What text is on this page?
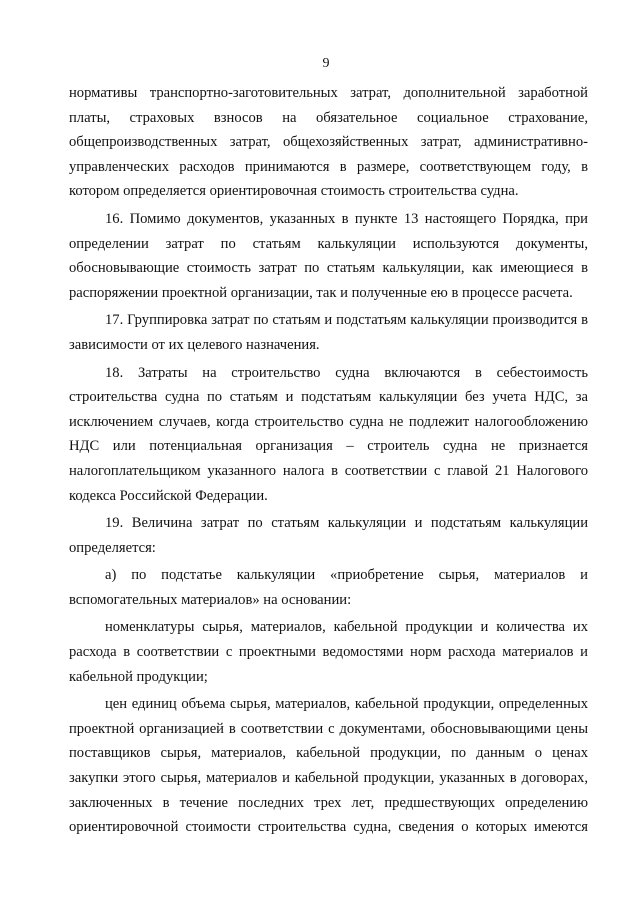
9

нормативы транспортно-заготовительных затрат, дополнительной заработной платы, страховых взносов на обязательное социальное страхование, общепроизводственных затрат, общехозяйственных затрат, административно-управленческих расходов принимаются в размере, соответствующем году, в котором определяется ориентировочная стоимость строительства судна.

16. Помимо документов, указанных в пункте 13 настоящего Порядка, при определении затрат по статьям калькуляции используются документы, обосновывающие стоимость затрат по статьям калькуляции, как имеющиеся в распоряжении проектной организации, так и полученные ею в процессе расчета.

17. Группировка затрат по статьям и подстатьям калькуляции производится в зависимости от их целевого назначения.

18. Затраты на строительство судна включаются в себестоимость строительства судна по статьям и подстатьям калькуляции без учета НДС, за исключением случаев, когда строительство судна не подлежит налогообложению НДС или потенциальная организация – строитель судна не признается налогоплательщиком указанного налога в соответствии с главой 21 Налогового кодекса Российской Федерации.

19. Величина затрат по статьям калькуляции и подстатьям калькуляции определяется:

а) по подстатье калькуляции «приобретение сырья, материалов и вспомогательных материалов» на основании:

номенклатуры сырья, материалов, кабельной продукции и количества их расхода в соответствии с проектными ведомостями норм расхода материалов и кабельной продукции;

цен единиц объема сырья, материалов, кабельной продукции, определенных проектной организацией в соответствии с документами, обосновывающими цены поставщиков сырья, материалов, кабельной продукции, по данным о ценах закупки этого сырья, материалов и кабельной продукции, указанных в договорах, заключенных в течение последних трех лет, предшествующих определению ориентировочной стоимости строительства судна, сведения о которых имеются
